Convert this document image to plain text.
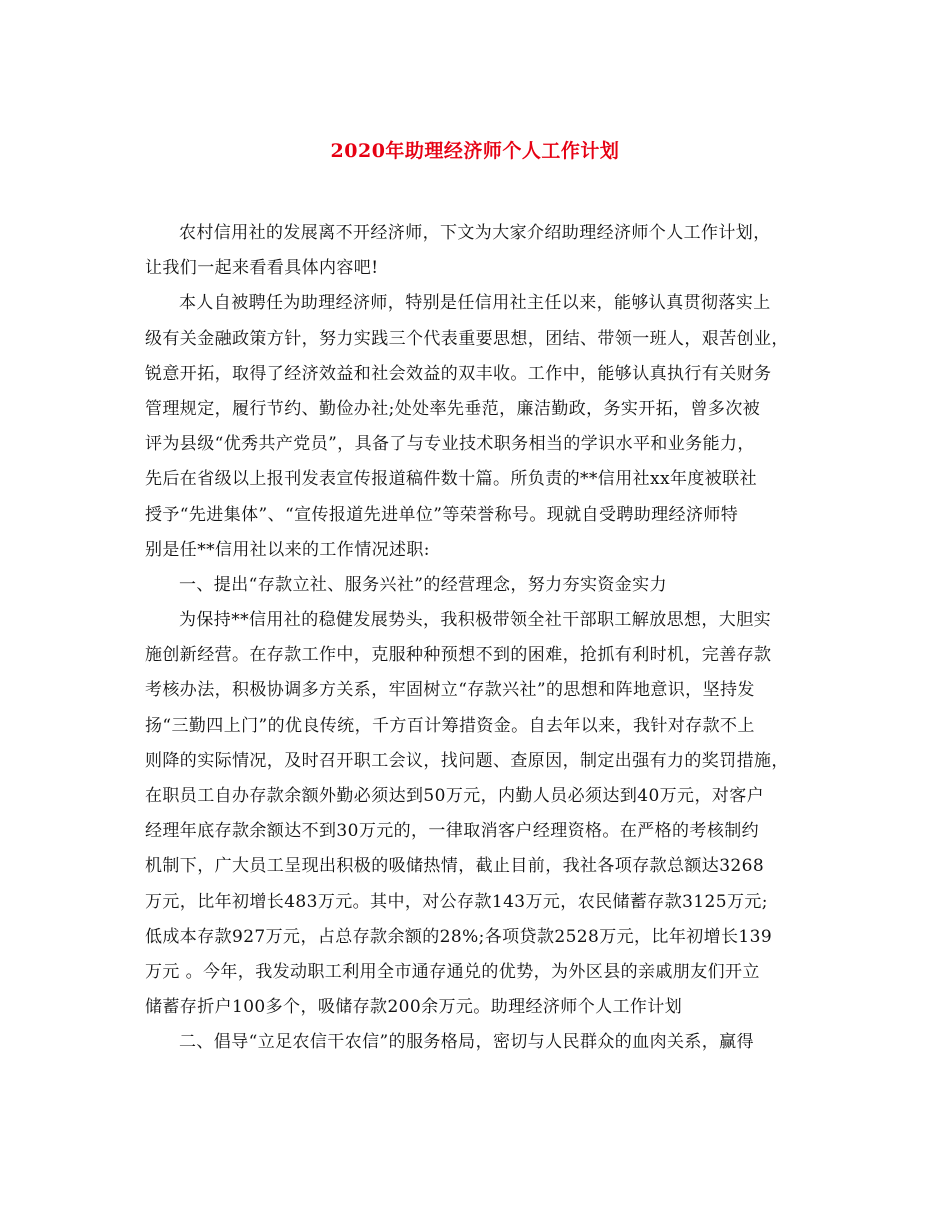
2020年助理经济师个人工作计划
农村信用社的发展离不开经济师，下文为大家介绍助理经济师个人工作计划，
让我们一起来看看具体内容吧!
本人自被聘任为助理经济师，特别是任信用社主任以来，能够认真贯彻落实上
级有关金融政策方针，努力实践三个代表重要思想，团结、带领一班人，艰苦创业，
锐意开拓，取得了经济效益和社会效益的双丰收。工作中，能够认真执行有关财务
管理规定，履行节约、勤俭办社;处处率先垂范，廉洁勤政，务实开拓，曾多次被
评为县级“优秀共产党员”，具备了与专业技术职务相当的学识水平和业务能力，
先后在省级以上报刊发表宣传报道稿件数十篇。所负责的**信用社xx年度被联社
授予“先进集体”、“宣传报道先进单位”等荣誉称号。现就自受聘助理经济师特
别是任**信用社以来的工作情况述职:
一、提出“存款立社、服务兴社”的经营理念，努力夯实资金实力
为保持**信用社的稳健发展势头，我积极带领全社干部职工解放思想，大胆实
施创新经营。在存款工作中，克服种种预想不到的困难，抢抓有利时机，完善存款
考核办法，积极协调多方关系，牢固树立“存款兴社”的思想和阵地意识，坚持发
扬“三勤四上门”的优良传统，千方百计筹措资金。自去年以来，我针对存款不上
则降的实际情况，及时召开职工会议，找问题、查原因，制定出强有力的奖罚措施，
在职员工自办存款余额外勤必须达到50万元，内勤人员必须达到40万元，对客户
经理年底存款余额达不到30万元的，一律取消客户经理资格。在严格的考核制约
机制下，广大员工呈现出积极的吸储热情，截止目前，我社各项存款总额达3268
万元，比年初增长483万元。其中，对公存款143万元，农民储蓄存款3125万元;
低成本存款927万元，占总存款余额的28%;各项贷款2528万元，比年初增长139
万元 。今年，我发动职工利用全市通存通兑的优势，为外区县的亲戚朋友们开立
储蓄存折户100多个，吸储存款200余万元。助理经济师个人工作计划
二、倡导“立足农信干农信”的服务格局，密切与人民群众的血肉关系，赢得
